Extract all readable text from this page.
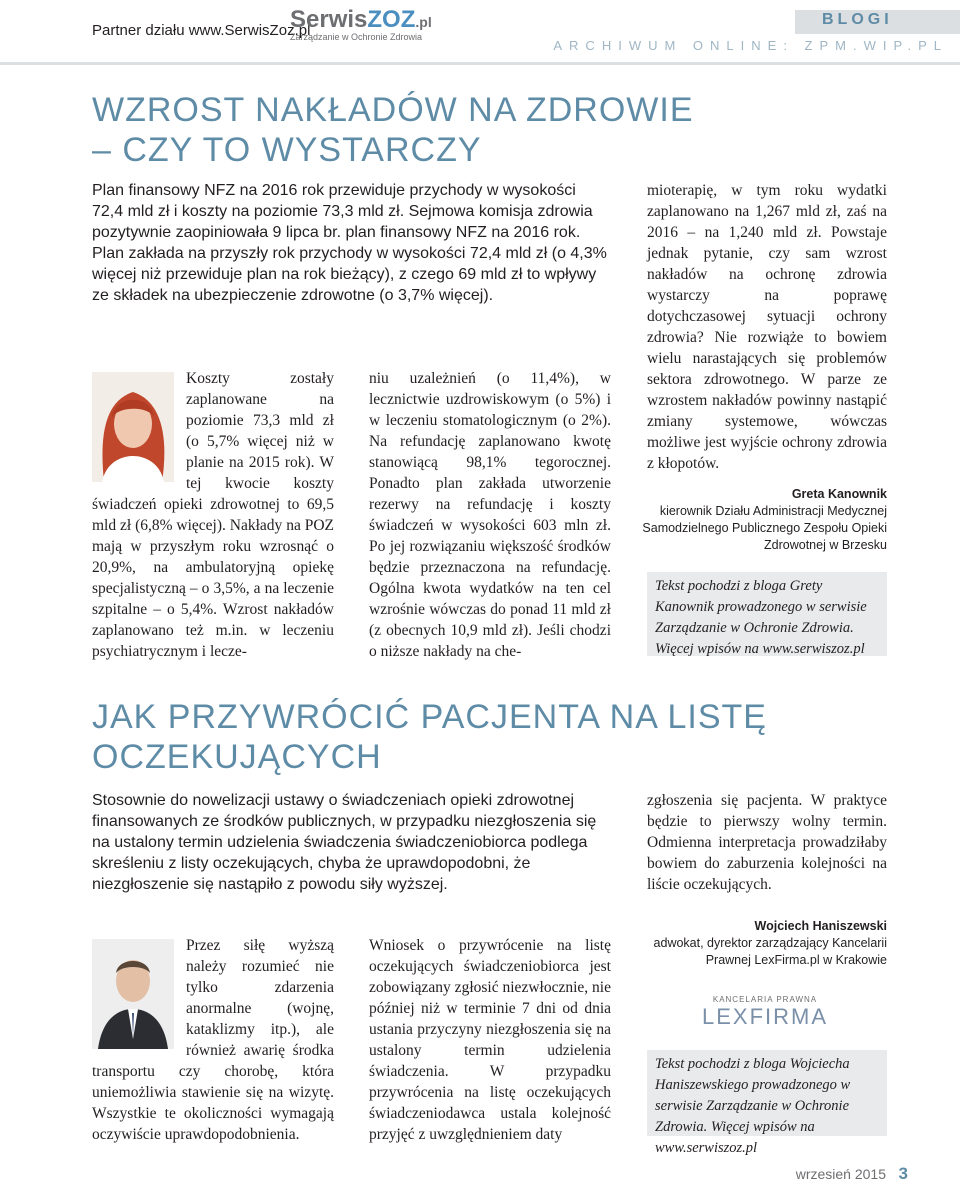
Partner działu www.SerwisZoz.pl
SerwisZOZ.pl
Zarządzanie w Ochronie Zdrowia
BLOGI
ARCHIWUM ONLINE: ZPM.WIP.PL
WZROST NAKŁADÓW NA ZDROWIE – CZY TO WYSTARCZY
Plan finansowy NFZ na 2016 rok przewiduje przychody w wysokości 72,4 mld zł i koszty na poziomie 73,3 mld zł. Sejmowa komisja zdrowia pozytywnie zaopiniowała 9 lipca br. plan finansowy NFZ na 2016 rok. Plan zakłada na przyszły rok przychody w wysokości 72,4 mld zł (o 4,3% więcej niż przewiduje plan na rok bieżący), z czego 69 mld zł to wpływy ze składek na ubezpieczenie zdrowotne (o 3,7% więcej).
Koszty zostały zaplanowane na poziomie 73,3 mld zł (o 5,7% więcej niż w planie na 2015 rok). W tej kwocie koszty świadczeń opieki zdrowotnej to 69,5 mld zł (6,8% więcej). Nakłady na POZ mają w przyszłym roku wzrosnąć o 20,9%, na ambulatoryjną opiekę specjalistyczną – o 3,5%, a na leczenie szpitalne – o 5,4%. Wzrost nakładów zaplanowano też m.in. w leczeniu psychiatrycznym i lecze-
niu uzależnień (o 11,4%), w lecznictwie uzdrowiskowym (o 5%) i w leczeniu stomatologicznym (o 2%). Na refundację zaplanowano kwotę stanowiącą 98,1% tegorocznej. Ponadto plan zakłada utworzenie rezerwy na refundację i koszty świadczeń w wysokości 603 mln zł. Po jej rozwiązaniu większość środków będzie przeznaczona na refundację. Ogólna kwota wydatków na ten cel wzrośnie wówczas do ponad 11 mld zł (z obecnych 10,9 mld zł). Jeśli chodzi o niższe nakłady na che-
mioterapię, w tym roku wydatki zaplanowano na 1,267 mld zł, zaś na 2016 – na 1,240 mld zł. Powstaje jednak pytanie, czy sam wzrost nakładów na ochronę zdrowia wystarczy na poprawę dotychczasowej sytuacji ochrony zdrowia? Nie rozwiąże to bowiem wielu narastających się problemów sektora zdrowotnego. W parze ze wzrostem nakładów powinny nastąpić zmiany systemowe, wówczas możliwe jest wyjście ochrony zdrowia z kłopotów.
Greta Kanownik
kierownik Działu Administracji Medycznej Samodzielnego Publicznego Zespołu Opieki Zdrowotnej w Brzesku
Tekst pochodzi z bloga Grety Kanownik prowadzonego w serwisie Zarządzanie w Ochronie Zdrowia. Więcej wpisów na www.serwiszoz.pl
JAK PRZYWRÓCIĆ PACJENTA NA LISTĘ OCZEKUJĄCYCH
Stosownie do nowelizacji ustawy o świadczeniach opieki zdrowotnej finansowanych ze środków publicznych, w przypadku niezgłoszenia się na ustalony termin udzielenia świadczenia świadczeniobiorca podlega skreśleniu z listy oczekujących, chyba że uprawdopodobni, że niezgłoszenie się nastąpiło z powodu siły wyższej.
Przez siłę wyższą należy rozumieć nie tylko zdarzenia anormalne (wojnę, kataklizmy itp.), ale również awarię środka transportu czy chorobę, która uniemożliwia stawienie się na wizytę. Wszystkie te okoliczności wymagają oczywiście uprawdopodobnienia.
Wniosek o przywrócenie na listę oczekujących świadczeniobiorca jest zobowiązany zgłosić niezwłocznie, nie później niż w terminie 7 dni od dnia ustania przyczyny niezgłoszenia się na ustalony termin udzielenia świadczenia. W przypadku przywrócenia na listę oczekujących świadczeniodawca ustala kolejność przyjęć z uwzględnieniem daty
zgłoszenia się pacjenta. W praktyce będzie to pierwszy wolny termin. Odmienna interpretacja prowadziłaby bowiem do zaburzenia kolejności na liście oczekujących.
Wojciech Haniszewski
adwokat, dyrektor zarządzający Kancelarii Prawnej LexFirma.pl w Krakowie
KANCELARIA PRAWNA
LEXFIRMA
Tekst pochodzi z bloga Wojciecha Haniszewskiego prowadzonego w serwisie Zarządzanie w Ochronie Zdrowia. Więcej wpisów na www.serwiszoz.pl
wrzesień 2015 3
